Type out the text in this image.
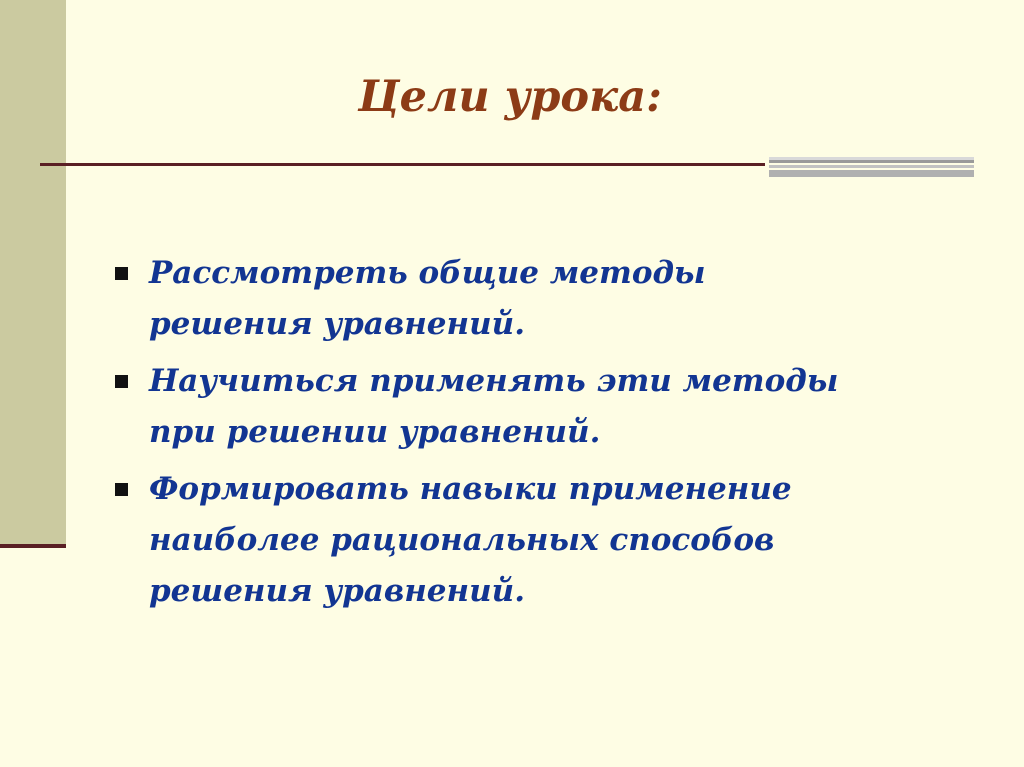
Цели урока:
Рассмотреть общие методы
решения уравнений.
Научиться применять эти методы
при решении уравнений.
Формировать навыки применение
наиболее рациональных способов
решения уравнений.
